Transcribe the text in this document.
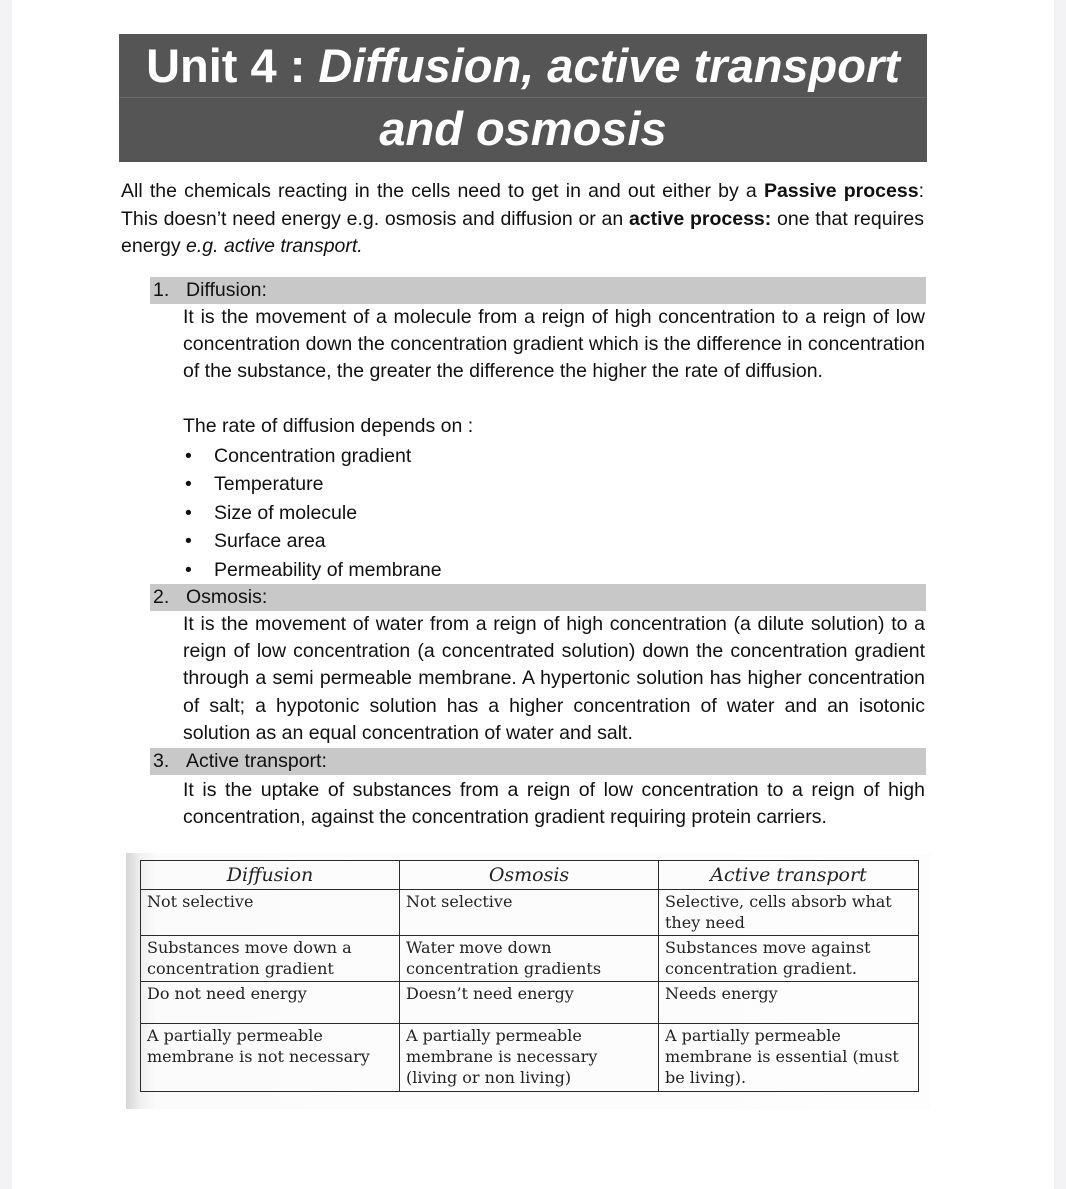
Unit 4 : Diffusion, active transport
and osmosis
All the chemicals reacting in the cells need to get in and out either by a Passive process: This doesn’t need energy e.g. osmosis and diffusion or an active process: one that requires energy e.g. active transport.
1. Diffusion:
It is the movement of a molecule from a reign of high concentration to a reign of low concentration down the concentration gradient which is the difference in concentration of the substance, the greater the difference the higher the rate of diffusion.
The rate of diffusion depends on :
• Concentration gradient
• Temperature
• Size of molecule
• Surface area
• Permeability of membrane
2. Osmosis:
It is the movement of water from a reign of high concentration (a dilute solution) to a reign of low concentration (a concentrated solution) down the concentration gradient through a semi permeable membrane. A hypertonic solution has higher concentration of salt; a hypotonic solution has a higher concentration of water and an isotonic solution as an equal concentration of water and salt.
3. Active transport:
It is the uptake of substances from a reign of low concentration to a reign of high concentration, against the concentration gradient requiring protein carriers.
Diffusion	Osmosis	Active transport
Not selective	Not selective	Selective, cells absorb what they need
Substances move down a concentration gradient	Water move down concentration gradients	Substances move against concentration gradient.
Do not need energy	Doesn’t need energy	Needs energy
A partially permeable membrane is not necessary	A partially permeable membrane is necessary (living or non living)	A partially permeable membrane is essential (must be living).
